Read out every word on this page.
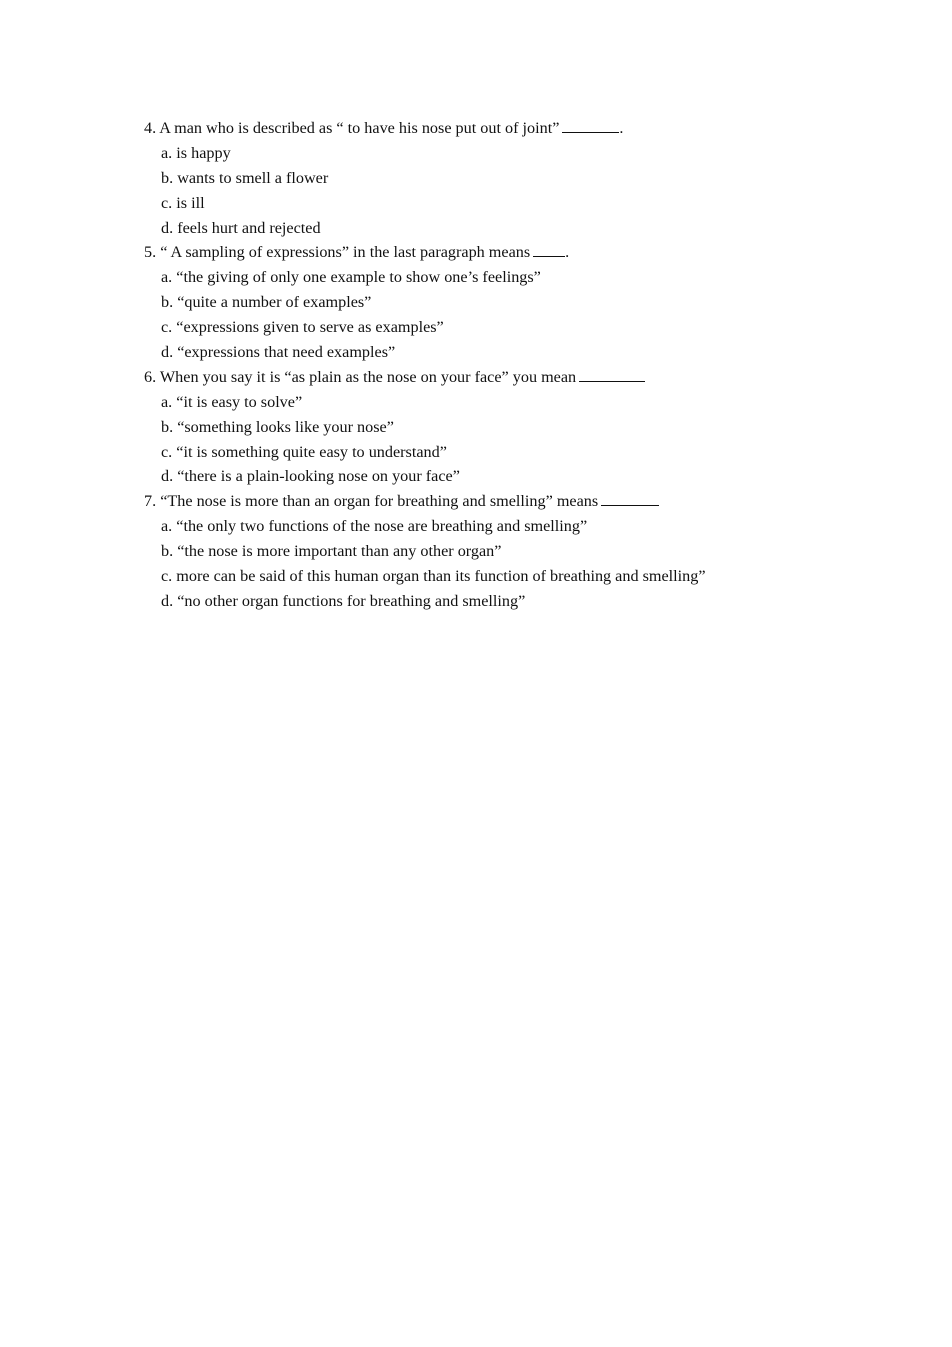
4. A man who is described as “ to have his nose put out of joint”	.
a. is happy
b. wants to smell a flower
c. is ill
d. feels hurt and rejected
5. “ A sampling of expressions” in the last paragraph means .
a. “the giving of only one example to show one’s feelings”
b. “quite a number of examples”
c. “expressions given to serve as examples”
d. “expressions that need examples”
6. When you say it is “as plain as the nose on your face” you mean
a. “it is easy to solve”
b. “something looks like your nose”
c. “it is something quite easy to understand”
d. “there is a plain-looking nose on your face”
7. “The nose is more than an organ for breathing and smelling” means
a. “the only two functions of the nose are breathing and smelling”
b. “the nose is more important than any other organ”
c. more can be said of this human organ than its function of breathing and smelling”
d. “no other organ functions for breathing and smelling”
